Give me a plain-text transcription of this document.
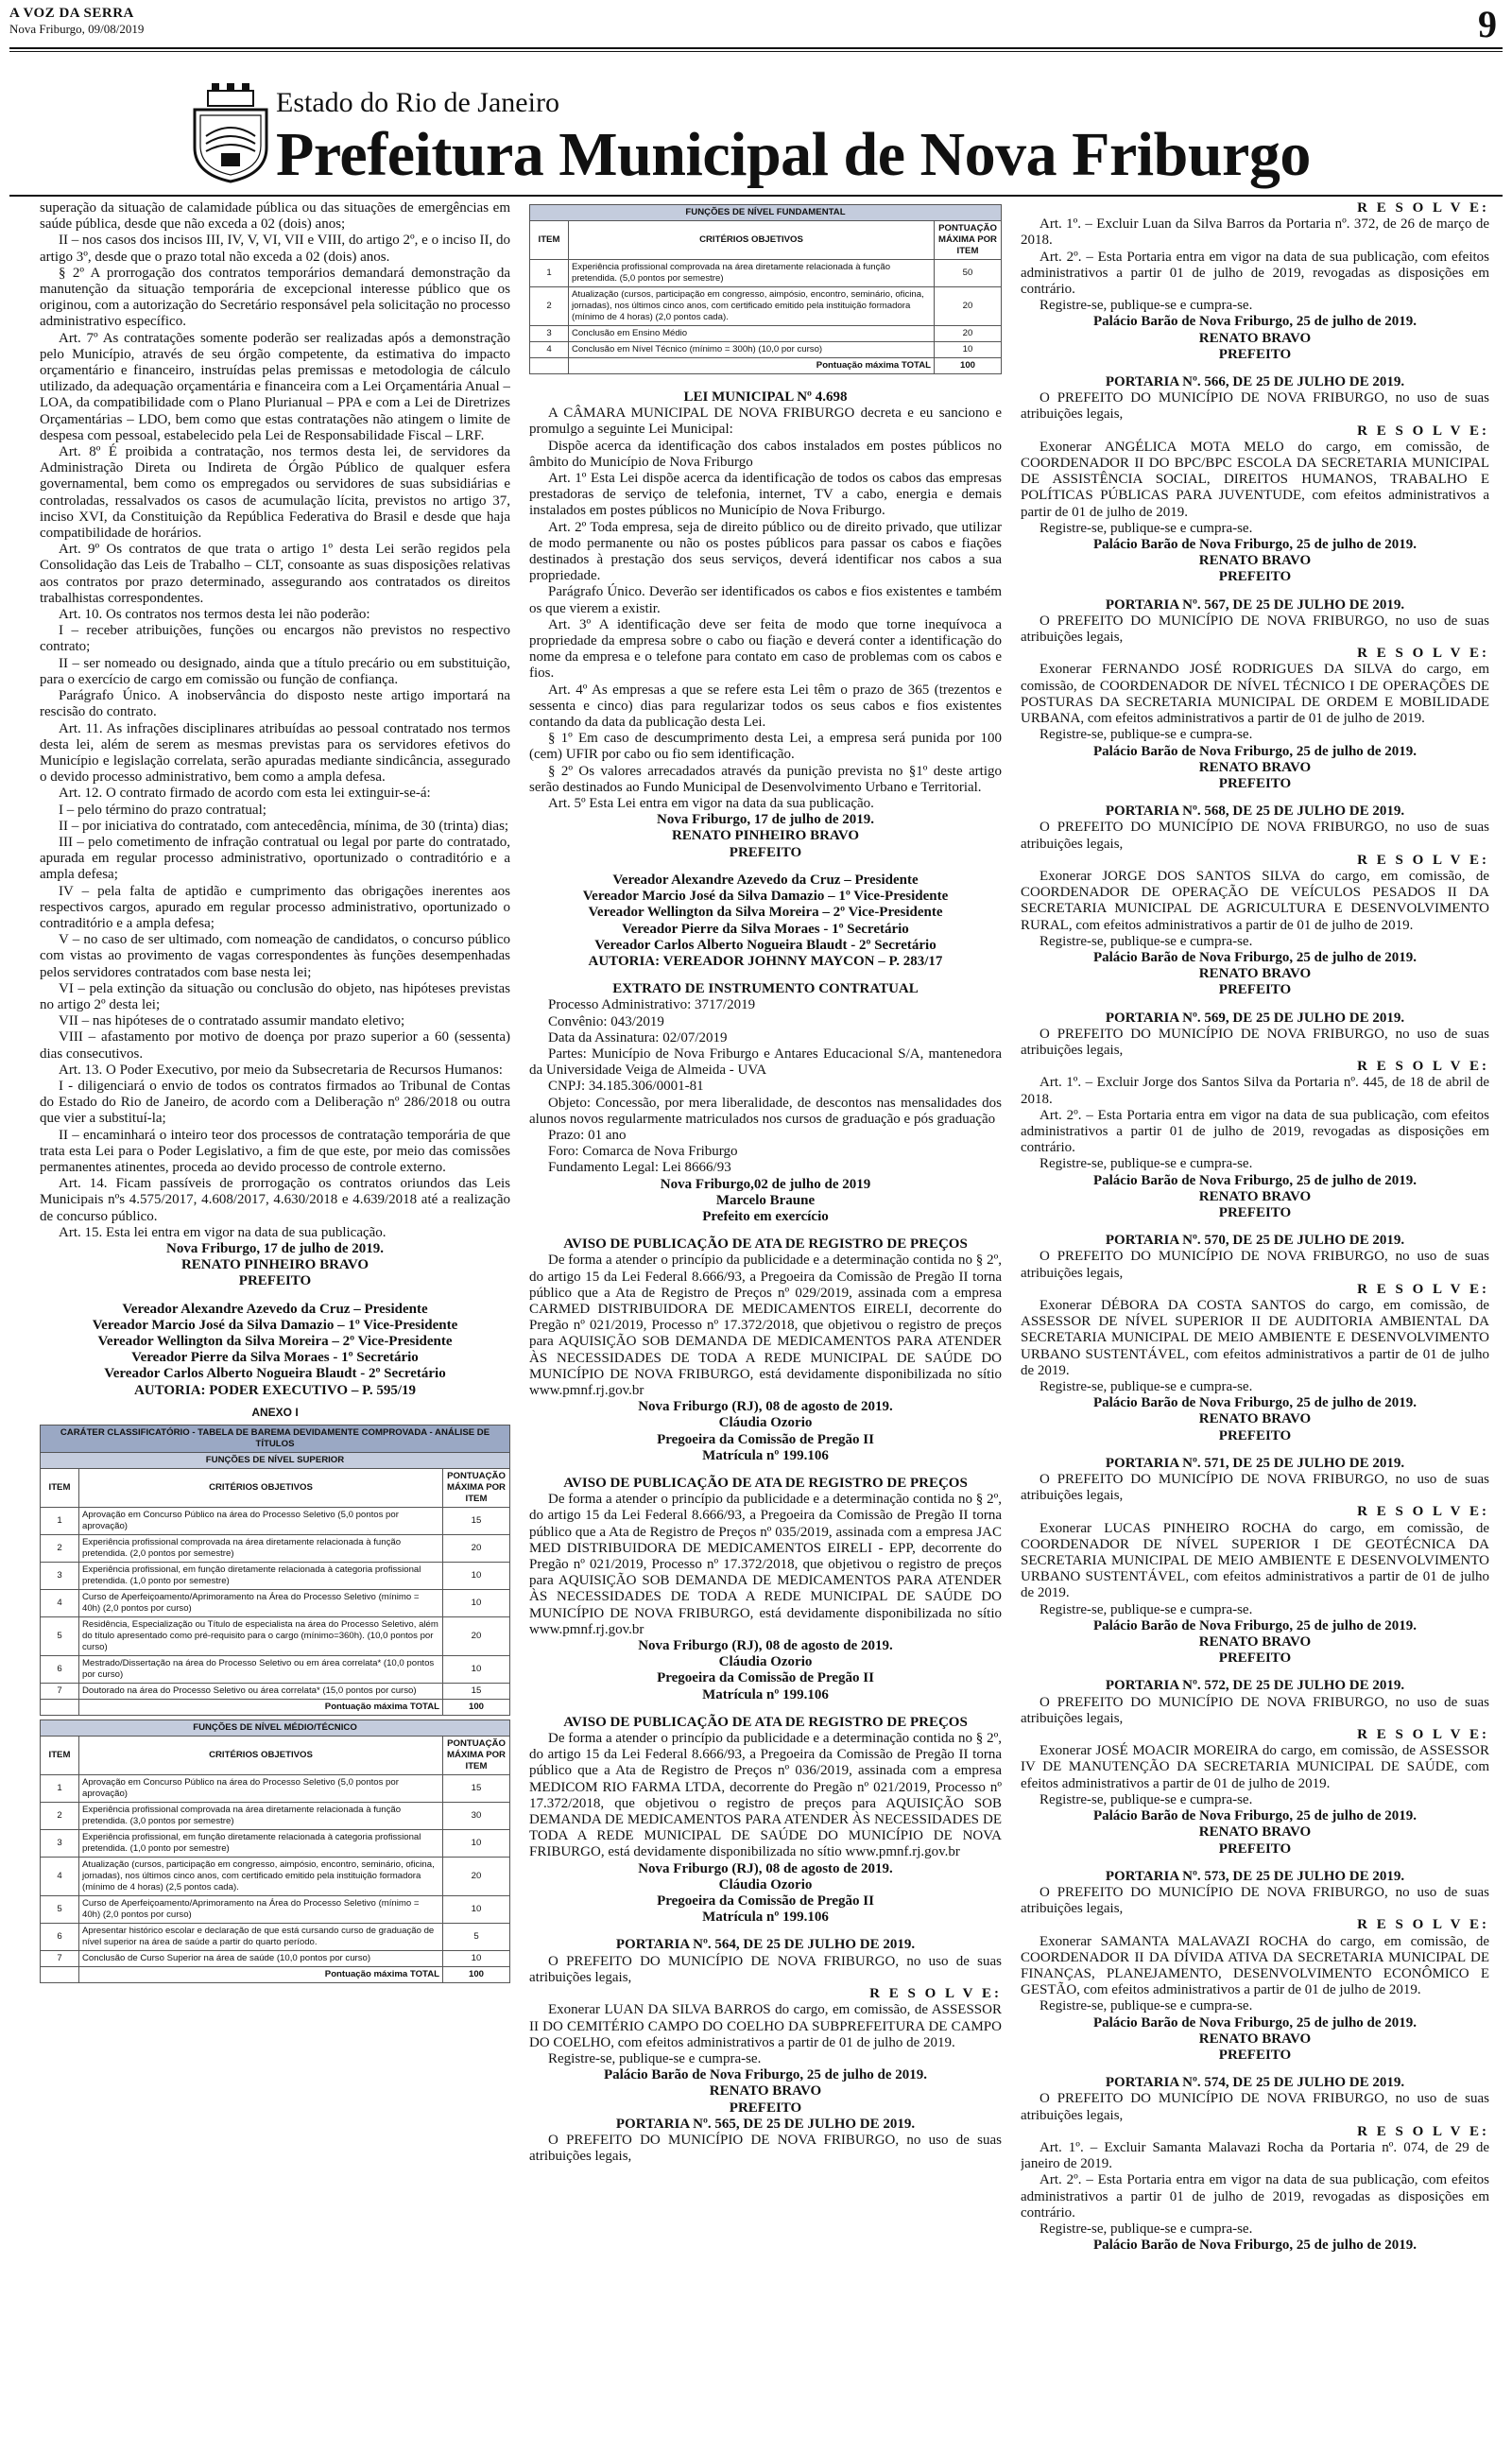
A VOZ DA SERRA
Nova Friburgo, 09/08/2019	9
Estado do Rio de Janeiro
Prefeitura Municipal de Nova Friburgo

superação da situação de calamidade pública ou das situações de emergências em saúde pública, desde que não exceda a 02 (dois) anos;

II – nos casos dos incisos III, IV, V, VI, VII e VIII, do artigo 2º, e o inciso II, do artigo 3º, desde que o prazo total não exceda a 02 (dois) anos.

§ 2º A prorrogação dos contratos temporários demandará demonstração da manutenção da situação temporária de excepcional interesse público que os originou, com a autorização do Secretário responsável pela solicitação no processo administrativo específico.

Art. 7º As contratações somente poderão ser realizadas após a demonstração pelo Município, através de seu órgão competente, da estimativa do impacto orçamentário e financeiro, instruídas pelas premissas e metodologia de cálculo utilizado, da adequação orçamentária e financeira com a Lei Orçamentária Anual – LOA, da compatibilidade com o Plano Plurianual – PPA e com a Lei de Diretrizes Orçamentárias – LDO, bem como que estas contratações não atingem o limite de despesa com pessoal, estabelecido pela Lei de Responsabilidade Fiscal – LRF.

Art. 8º É proibida a contratação, nos termos desta lei, de servidores da Administração Direta ou Indireta de Órgão Público de qualquer esfera governamental, bem como os empregados ou servidores de suas subsidiárias e controladas, ressalvados os casos de acumulação lícita, previstos no artigo 37, inciso XVI, da Constituição da República Federativa do Brasil e desde que haja compatibilidade de horários.

Art. 9º Os contratos de que trata o artigo 1º desta Lei serão regidos pela Consolidação das Leis de Trabalho – CLT, consoante as suas disposições relativas aos contratos por prazo determinado, assegurando aos contratados os direitos trabalhistas correspondentes.

Art. 10. Os contratos nos termos desta lei não poderão:

I – receber atribuições, funções ou encargos não previstos no respectivo contrato;

II – ser nomeado ou designado, ainda que a título precário ou em substituição, para o exercício de cargo em comissão ou função de confiança.

Parágrafo Único. A inobservância do disposto neste artigo importará na rescisão do contrato.

Art. 11. As infrações disciplinares atribuídas ao pessoal contratado nos termos desta lei, além de serem as mesmas previstas para os servidores efetivos do Município e legislação correlata, serão apuradas mediante sindicância, assegurado o devido processo administrativo, bem como a ampla defesa.

Art. 12. O contrato firmado de acordo com esta lei extinguir-se-á:

I – pelo término do prazo contratual;

II – por iniciativa do contratado, com antecedência, mínima, de 30 (trinta) dias;

III – pelo cometimento de infração contratual ou legal por parte do contratado, apurada em regular processo administrativo, oportunizado o contraditório e a ampla defesa;

IV – pela falta de aptidão e cumprimento das obrigações inerentes aos respectivos cargos, apurado em regular processo administrativo, oportunizado o contraditório e a ampla defesa;

V – no caso de ser ultimado, com nomeação de candidatos, o concurso público com vistas ao provimento de vagas correspondentes às funções desempenhadas pelos servidores contratados com base nesta lei;

VI – pela extinção da situação ou conclusão do objeto, nas hipóteses previstas no artigo 2º desta lei;

VII – nas hipóteses de o contratado assumir mandato eletivo;

VIII – afastamento por motivo de doença por prazo superior a 60 (sessenta) dias consecutivos.

Art. 13. O Poder Executivo, por meio da Subsecretaria de Recursos Humanos:

I - diligenciará o envio de todos os contratos firmados ao Tribunal de Contas do Estado do Rio de Janeiro, de acordo com a Deliberação nº 286/2018 ou outra que vier a substituí-la;

II – encaminhará o inteiro teor dos processos de contratação temporária de que trata esta Lei para o Poder Legislativo, a fim de que este, por meio das comissões permanentes atinentes, proceda ao devido processo de controle externo.

Art. 14. Ficam passíveis de prorrogação os contratos oriundos das Leis Municipais nºs 4.575/2017, 4.608/2017, 4.630/2018 e 4.639/2018 até a realização de concurso público.

Art. 15. Esta lei entra em vigor na data de sua publicação.

Nova Friburgo, 17 de julho de 2019.

RENATO PINHEIRO BRAVO

PREFEITO

Vereador Alexandre Azevedo da Cruz – Presidente

Vereador Marcio José da Silva Damazio – 1º Vice-Presidente

Vereador Wellington da Silva Moreira – 2º Vice-Presidente

Vereador Pierre da Silva Moraes - 1º Secretário

Vereador Carlos Alberto Nogueira Blaudt - 2º Secretário

AUTORIA: PODER EXECUTIVO – P. 595/19

ANEXO I
CARÁTER CLASSIFICATÓRIO - TABELA DE BAREMA DEVIDAMENTE COMPROVADA - ANÁLISE DE TÍTULOS		
FUNÇÕES DE NÍVEL SUPERIOR		
ITEM	CRITÉRIOS OBJETIVOS	PONTUAÇÃO MÁXIMA POR ITEM
1	Aprovação em Concurso Público na área do Processo Seletivo (5,0 pontos por aprovação)	15
2	Experiência profissional comprovada na área diretamente relacionada à função pretendida. (2,0 pontos por semestre)	20
3	Experiência profissional, em função diretamente relacionada à categoria profissional pretendida. (1,0 ponto por semestre)	10
4	Curso de Aperfeiçoamento/Aprimoramento na Área do Processo Seletivo (mínimo = 40h) (2,0 pontos por curso)	10
5	Residência, Especialização ou Título de especialista na área do Processo Seletivo, além do título apresentado como pré-requisito para o cargo (mínimo=360h). (10,0 pontos por curso)	20
6	Mestrado/Dissertação na área do Processo Seletivo ou em área correlata* (10,0 pontos por curso)	10
7	Doutorado na área do Processo Seletivo ou área correlata* (15,0 pontos por curso)	15
	Pontuação máxima TOTAL	100
FUNÇÕES DE NÍVEL MÉDIO/TÉCNICO		
ITEM	CRITÉRIOS OBJETIVOS	PONTUAÇÃO MÁXIMA POR ITEM
1	Aprovação em Concurso Público na área do Processo Seletivo (5,0 pontos por aprovação)	15
2	Experiência profissional comprovada na área diretamente relacionada à função pretendida. (3,0 pontos por semestre)	30
3	Experiência profissional, em função diretamente relacionada à categoria profissional pretendida. (1,0 ponto por semestre)	10
4	Atualização (cursos, participação em congresso, aimpósio, encontro, seminário, oficina, jornadas), nos últimos cinco anos, com certificado emitido pela instituição formadora (mínimo de 4 horas) (2,5 pontos cada).	20
5	Curso de Aperfeiçoamento/Aprimoramento na Área do Processo Seletivo (mínimo = 40h) (2,0 pontos por curso)	10
6	Apresentar histórico escolar e declaração de que está cursando curso de graduação de nível superior na área de saúde a partir do quarto período.	5
7	Conclusão de Curso Superior na área de saúde (10,0 pontos por curso)	10
	Pontuação máxima TOTAL	100
FUNÇÕES DE NÍVEL FUNDAMENTAL		
ITEM	CRITÉRIOS OBJETIVOS	PONTUAÇÃO MÁXIMA POR ITEM
1	Experiência profissional comprovada na área diretamente relacionada à função pretendida. (5,0 pontos por semestre)	50
2	Atualização (cursos, participação em congresso, aimpósio, encontro, seminário, oficina, jornadas), nos últimos cinco anos, com certificado emitido pela instituição formadora (mínimo de 4 horas) (2,0 pontos cada).	20
3	Conclusão em Ensino Médio	20
4	Conclusão em Nível Técnico (mínimo = 300h) (10,0 por curso)	10
	Pontuação máxima TOTAL	100

LEI MUNICIPAL Nº 4.698

A CÂMARA MUNICIPAL DE NOVA FRIBURGO decreta e eu sanciono e promulgo a seguinte Lei Municipal:

Dispõe acerca da identificação dos cabos instalados em postes públicos no âmbito do Município de Nova Friburgo

Art. 1º Esta Lei dispõe acerca da identificação de todos os cabos das empresas prestadoras de serviço de telefonia, internet, TV a cabo, energia e demais instalados em postes públicos no Município de Nova Friburgo.

Art. 2º Toda empresa, seja de direito público ou de direito privado, que utilizar de modo permanente ou não os postes públicos para passar os cabos e fiações destinados à prestação dos seus serviços, deverá identificar nos cabos a sua propriedade.

Parágrafo Único. Deverão ser identificados os cabos e fios existentes e também os que vierem a existir.

Art. 3º A identificação deve ser feita de modo que torne inequívoca a propriedade da empresa sobre o cabo ou fiação e deverá conter a identificação do nome da empresa e o telefone para contato em caso de problemas com os cabos e fios.

Art. 4º As empresas a que se refere esta Lei têm o prazo de 365 (trezentos e sessenta e cinco) dias para regularizar todos os seus cabos e fios existentes contando da data da publicação desta Lei.

§ 1º Em caso de descumprimento desta Lei, a empresa será punida por 100 (cem) UFIR por cabo ou fio sem identificação.

§ 2º Os valores arrecadados através da punição prevista no §1º deste artigo serão destinados ao Fundo Municipal de Desenvolvimento Urbano e Territorial.

Art. 5º Esta Lei entra em vigor na data da sua publicação.

Nova Friburgo, 17 de julho de 2019.

RENATO PINHEIRO BRAVO

PREFEITO

Vereador Alexandre Azevedo da Cruz – Presidente

Vereador Marcio José da Silva Damazio – 1º Vice-Presidente

Vereador Wellington da Silva Moreira – 2º Vice-Presidente

Vereador Pierre da Silva Moraes - 1º Secretário

Vereador Carlos Alberto Nogueira Blaudt - 2º Secretário

AUTORIA: VEREADOR JOHNNY MAYCON – P. 283/17

EXTRATO DE INSTRUMENTO CONTRATUAL

Processo Administrativo: 3717/2019

Convênio: 043/2019

Data da Assinatura: 02/07/2019

Partes: Município de Nova Friburgo e Antares Educacional S/A, mantenedora da Universidade Veiga de Almeida - UVA

CNPJ: 34.185.306/0001-81

Objeto: Concessão, por mera liberalidade, de descontos nas mensalidades dos alunos novos regularmente matriculados nos cursos de graduação e pós graduação

Prazo: 01 ano

Foro: Comarca de Nova Friburgo

Fundamento Legal: Lei 8666/93

Nova Friburgo,02 de julho de 2019

Marcelo Braune

Prefeito em exercício

AVISO DE PUBLICAÇÃO DE ATA DE REGISTRO DE PREÇOS

De forma a atender o princípio da publicidade e a determinação contida no § 2º, do artigo 15 da Lei Federal 8.666/93, a Pregoeira da Comissão de Pregão II torna público que a Ata de Registro de Preços nº 029/2019, assinada com a empresa CARMED DISTRIBUIDORA DE MEDICAMENTOS EIRELI, decorrente do Pregão nº 021/2019, Processo nº 17.372/2018, que objetivou o registro de preços para AQUISIÇÃO SOB DEMANDA DE MEDICAMENTOS PARA ATENDER ÀS NECESSIDADES DE TODA A REDE MUNICIPAL DE SAÚDE DO MUNICÍPIO DE NOVA FRIBURGO, está devidamente disponibilizada no sítio www.pmnf.rj.gov.br

Nova Friburgo (RJ), 08 de agosto de 2019.

Cláudia Ozorio

Pregoeira da Comissão de Pregão II

Matrícula nº 199.106

AVISO DE PUBLICAÇÃO DE ATA DE REGISTRO DE PREÇOS

De forma a atender o princípio da publicidade e a determinação contida no § 2º, do artigo 15 da Lei Federal 8.666/93, a Pregoeira da Comissão de Pregão II torna público que a Ata de Registro de Preços nº 035/2019, assinada com a empresa JAC MED DISTRIBUIDORA DE MEDICAMENTOS EIRELI - EPP, decorrente do Pregão nº 021/2019, Processo nº 17.372/2018, que objetivou o registro de preços para AQUISIÇÃO SOB DEMANDA DE MEDICAMENTOS PARA ATENDER ÀS NECESSIDADES DE TODA A REDE MUNICIPAL DE SAÚDE DO MUNICÍPIO DE NOVA FRIBURGO, está devidamente disponibilizada no sítio www.pmnf.rj.gov.br

Nova Friburgo (RJ), 08 de agosto de 2019.

Cláudia Ozorio

Pregoeira da Comissão de Pregão II

Matrícula nº 199.106

AVISO DE PUBLICAÇÃO DE ATA DE REGISTRO DE PREÇOS

De forma a atender o princípio da publicidade e a determinação contida no § 2º, do artigo 15 da Lei Federal 8.666/93, a Pregoeira da Comissão de Pregão II torna público que a Ata de Registro de Preços nº 036/2019, assinada com a empresa MEDICOM RIO FARMA LTDA, decorrente do Pregão nº 021/2019, Processo nº 17.372/2018, que objetivou o registro de preços para AQUISIÇÃO SOB DEMANDA DE MEDICAMENTOS PARA ATENDER ÀS NECESSIDADES DE TODA A REDE MUNICIPAL DE SAÚDE DO MUNICÍPIO DE NOVA FRIBURGO, está devidamente disponibilizada no sítio www.pmnf.rj.gov.br

Nova Friburgo (RJ), 08 de agosto de 2019.

Cláudia Ozorio

Pregoeira da Comissão de Pregão II

Matrícula nº 199.106

PORTARIA Nº. 564, DE 25 DE JULHO DE 2019.

O PREFEITO DO MUNICÍPIO DE NOVA FRIBURGO, no uso de suas atribuições legais,

R E S O L V E:

Exonerar LUAN DA SILVA BARROS do cargo, em comissão, de ASSESSOR II DO CEMITÉRIO CAMPO DO COELHO DA SUBPREFEITURA DE CAMPO DO COELHO, com efeitos administrativos a partir de 01 de julho de 2019.

Registre-se, publique-se e cumpra-se.

Palácio Barão de Nova Friburgo, 25 de julho de 2019.

RENATO BRAVO

PREFEITO

PORTARIA Nº. 565, DE 25 DE JULHO DE 2019.

O PREFEITO DO MUNICÍPIO DE NOVA FRIBURGO, no uso de suas atribuições legais,

R E S O L V E:

Art. 1º. – Excluir Luan da Silva Barros da Portaria nº. 372, de 26 de março de 2018.

Art. 2º. – Esta Portaria entra em vigor na data de sua publicação, com efeitos administrativos a partir 01 de julho de 2019, revogadas as disposições em contrário.

Registre-se, publique-se e cumpra-se.

Palácio Barão de Nova Friburgo, 25 de julho de 2019.

RENATO BRAVO

PREFEITO

PORTARIA Nº. 566, DE 25 DE JULHO DE 2019.

O PREFEITO DO MUNICÍPIO DE NOVA FRIBURGO, no uso de suas atribuições legais,

R E S O L V E:

Exonerar ANGÉLICA MOTA MELO do cargo, em comissão, de COORDENADOR II DO BPC/BPC ESCOLA DA SECRETARIA MUNICIPAL DE ASSISTÊNCIA SOCIAL, DIREITOS HUMANOS, TRABALHO E POLÍTICAS PÚBLICAS PARA JUVENTUDE, com efeitos administrativos a partir de 01 de julho de 2019.

Registre-se, publique-se e cumpra-se.

Palácio Barão de Nova Friburgo, 25 de julho de 2019.

RENATO BRAVO

PREFEITO

PORTARIA Nº. 567, DE 25 DE JULHO DE 2019.

O PREFEITO DO MUNICÍPIO DE NOVA FRIBURGO, no uso de suas atribuições legais,

R E S O L V E:

Exonerar FERNANDO JOSÉ RODRIGUES DA SILVA do cargo, em comissão, de COORDENADOR DE NÍVEL TÉCNICO I DE OPERAÇÕES DE POSTURAS DA SECRETARIA MUNICIPAL DE ORDEM E MOBILIDADE URBANA, com efeitos administrativos a partir de 01 de julho de 2019.

Registre-se, publique-se e cumpra-se.

Palácio Barão de Nova Friburgo, 25 de julho de 2019.

RENATO BRAVO

PREFEITO

PORTARIA Nº. 568, DE 25 DE JULHO DE 2019.

O PREFEITO DO MUNICÍPIO DE NOVA FRIBURGO, no uso de suas atribuições legais,

R E S O L V E:

Exonerar JORGE DOS SANTOS SILVA do cargo, em comissão, de COORDENADOR DE OPERAÇÃO DE VEÍCULOS PESADOS II DA SECRETARIA MUNICIPAL DE AGRICULTURA E DESENVOLVIMENTO RURAL, com efeitos administrativos a partir de 01 de julho de 2019.

Registre-se, publique-se e cumpra-se.

Palácio Barão de Nova Friburgo, 25 de julho de 2019.

RENATO BRAVO

PREFEITO

PORTARIA Nº. 569, DE 25 DE JULHO DE 2019.

O PREFEITO DO MUNICÍPIO DE NOVA FRIBURGO, no uso de suas atribuições legais,

R E S O L V E:

Art. 1º. – Excluir Jorge dos Santos Silva da Portaria nº. 445, de 18 de abril de 2018.

Art. 2º. – Esta Portaria entra em vigor na data de sua publicação, com efeitos administrativos a partir 01 de julho de 2019, revogadas as disposições em contrário.

Registre-se, publique-se e cumpra-se.

Palácio Barão de Nova Friburgo, 25 de julho de 2019.

RENATO BRAVO

PREFEITO

PORTARIA Nº. 570, DE 25 DE JULHO DE 2019.

O PREFEITO DO MUNICÍPIO DE NOVA FRIBURGO, no uso de suas atribuições legais,

R E S O L V E:

Exonerar DÉBORA DA COSTA SANTOS do cargo, em comissão, de ASSESSOR DE NÍVEL SUPERIOR II DE AUDITORIA AMBIENTAL DA SECRETARIA MUNICIPAL DE MEIO AMBIENTE E DESENVOLVIMENTO URBANO SUSTENTÁVEL, com efeitos administrativos a partir de 01 de julho de 2019.

Registre-se, publique-se e cumpra-se.

Palácio Barão de Nova Friburgo, 25 de julho de 2019.

RENATO BRAVO

PREFEITO

PORTARIA Nº. 571, DE 25 DE JULHO DE 2019.

O PREFEITO DO MUNICÍPIO DE NOVA FRIBURGO, no uso de suas atribuições legais,

R E S O L V E:

Exonerar LUCAS PINHEIRO ROCHA do cargo, em comissão, de COORDENADOR DE NÍVEL SUPERIOR I DE GEOTÉCNICA DA SECRETARIA MUNICIPAL DE MEIO AMBIENTE E DESENVOLVIMENTO URBANO SUSTENTÁVEL, com efeitos administrativos a partir de 01 de julho de 2019.

Registre-se, publique-se e cumpra-se.

Palácio Barão de Nova Friburgo, 25 de julho de 2019.

RENATO BRAVO

PREFEITO

PORTARIA Nº. 572, DE 25 DE JULHO DE 2019.

O PREFEITO DO MUNICÍPIO DE NOVA FRIBURGO, no uso de suas atribuições legais,

R E S O L V E:

Exonerar JOSÉ MOACIR MOREIRA do cargo, em comissão, de ASSESSOR IV DE MANUTENÇÃO DA SECRETARIA MUNICIPAL DE SAÚDE, com efeitos administrativos a partir de 01 de julho de 2019.

Registre-se, publique-se e cumpra-se.

Palácio Barão de Nova Friburgo, 25 de julho de 2019.

RENATO BRAVO

PREFEITO

PORTARIA Nº. 573, DE 25 DE JULHO DE 2019.

O PREFEITO DO MUNICÍPIO DE NOVA FRIBURGO, no uso de suas atribuições legais,

R E S O L V E:

Exonerar SAMANTA MALAVAZI ROCHA do cargo, em comissão, de COORDENADOR II DA DÍVIDA ATIVA DA SECRETARIA MUNICIPAL DE FINANÇAS, PLANEJAMENTO, DESENVOLVIMENTO ECONÔMICO E GESTÃO, com efeitos administrativos a partir de 01 de julho de 2019.

Registre-se, publique-se e cumpra-se.

Palácio Barão de Nova Friburgo, 25 de julho de 2019.

RENATO BRAVO

PREFEITO

PORTARIA Nº. 574, DE 25 DE JULHO DE 2019.

O PREFEITO DO MUNICÍPIO DE NOVA FRIBURGO, no uso de suas atribuições legais,

R E S O L V E:

Art. 1º. – Excluir Samanta Malavazi Rocha da Portaria nº. 074, de 29 de janeiro de 2019.

Art. 2º. – Esta Portaria entra em vigor na data de sua publicação, com efeitos administrativos a partir 01 de julho de 2019, revogadas as disposições em contrário.

Registre-se, publique-se e cumpra-se.

Palácio Barão de Nova Friburgo, 25 de julho de 2019.
